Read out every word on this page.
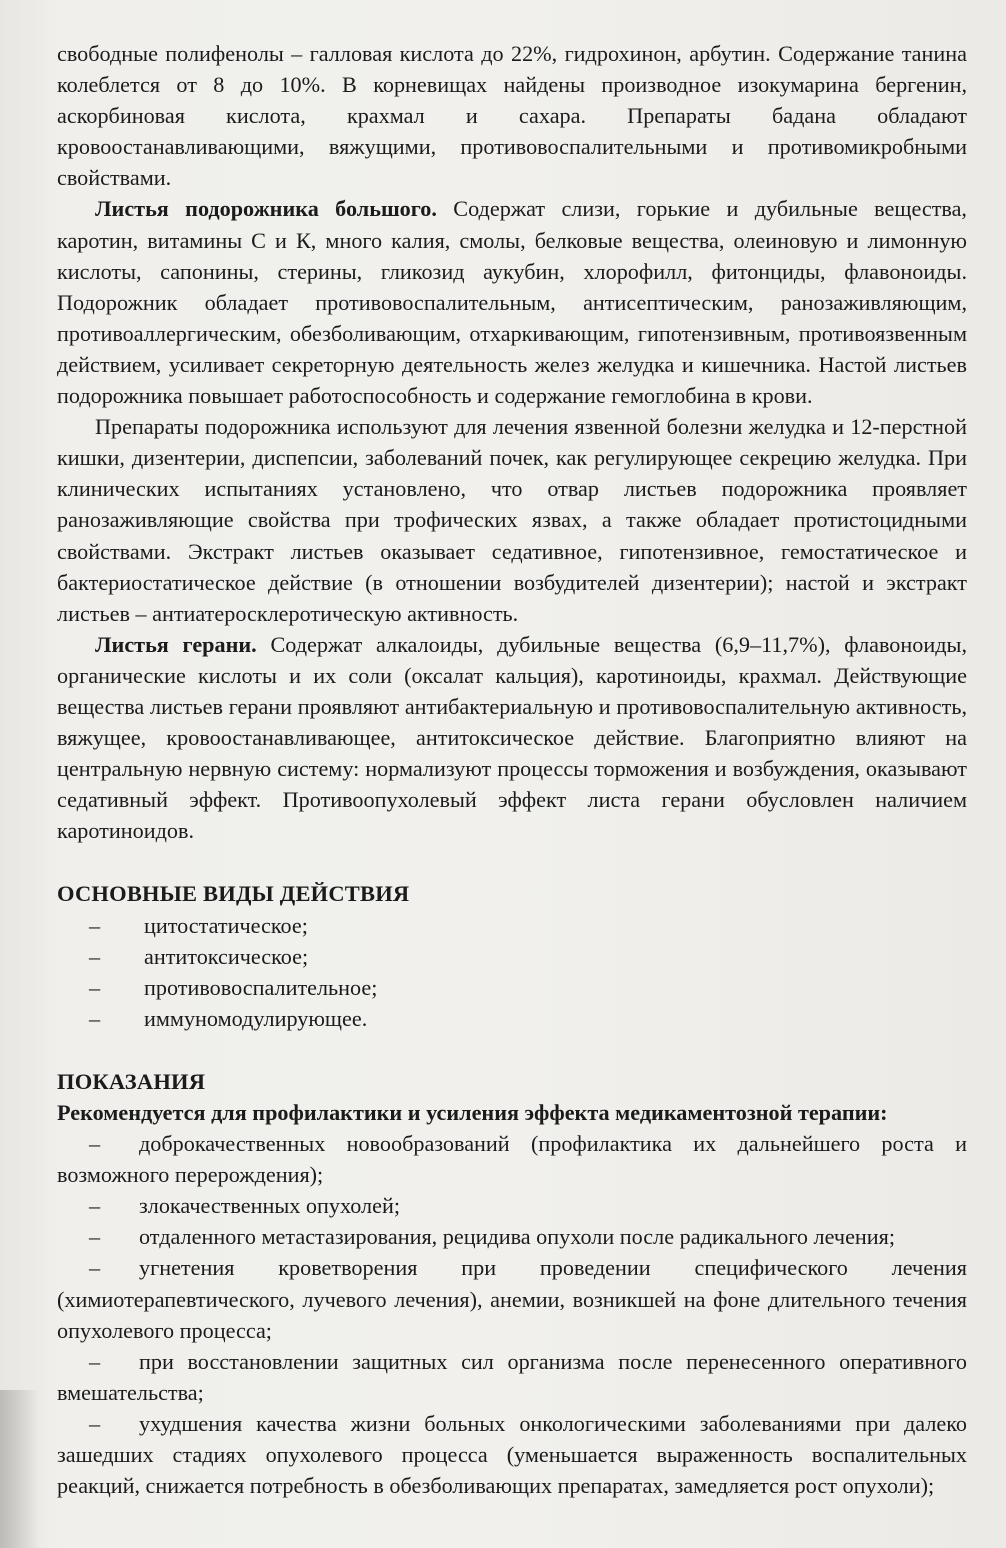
свободные полифенолы – галловая кислота до 22%, гидрохинон, арбутин. Содержание танина колеблется от 8 до 10%. В корневищах найдены производное изокумарина бергенин, аскорбиновая кислота, крахмал и сахара. Препараты бадана обладают кровоостанавливающими, вяжущими, противовоспалительными и противомикробными свойствами.

Листья подорожника большого. Содержат слизи, горькие и дубильные вещества, каротин, витамины С и К, много калия, смолы, белковые вещества, олеиновую и лимонную кислоты, сапонины, стерины, гликозид аукубин, хлорофилл, фитонциды, флавоноиды. Подорожник обладает противовоспалительным, антисептическим, ранозаживляющим, противоаллергическим, обезболивающим, отхаркивающим, гипотензивным, противоязвенным действием, усиливает секреторную деятельность желез желудка и кишечника. Настой листьев подорожника повышает работоспособность и содержание гемоглобина в крови.

Препараты подорожника используют для лечения язвенной болезни желудка и 12-перстной кишки, дизентерии, диспепсии, заболеваний почек, как регулирующее секрецию желудка. При клинических испытаниях установлено, что отвар листьев подорожника проявляет ранозаживляющие свойства при трофических язвах, а также обладает протистоцидными свойствами. Экстракт листьев оказывает седативное, гипотензивное, гемостатическое и бактериостатическое действие (в отношении возбудителей дизентерии); настой и экстракт листьев – антиатеросклеротическую активность.

Листья герани. Содержат алкалоиды, дубильные вещества (6,9–11,7%), флавоноиды, органические кислоты и их соли (оксалат кальция), каротиноиды, крахмал. Действующие вещества листьев герани проявляют антибактериальную и противовоспалительную активность, вяжущее, кровоостанавливающее, антитоксическое действие. Благоприятно влияют на центральную нервную систему: нормализуют процессы торможения и возбуждения, оказывают седативный эффект. Противоопухолевый эффект листа герани обусловлен наличием каротиноидов.

ОСНОВНЫЕ ВИДЫ ДЕЙСТВИЯ
– цитостатическое;
– антитоксическое;
– противовоспалительное;
– иммуномодулирующее.
ПОКАЗАНИЯ

Рекомендуется для профилактики и усиления эффекта медикаментозной терапии:

– доброкачественных новообразований (профилактика их дальнейшего роста и возможного перерождения);
– злокачественных опухолей;
– отдаленного метастазирования, рецидива опухоли после радикального лечения;
– угнетения кроветворения при проведении специфического лечения (химиотерапевтического, лучевого лечения), анемии, возникшей на фоне длительного течения опухолевого процесса;
– при восстановлении защитных сил организма после перенесенного оперативного вмешательства;
– ухудшения качества жизни больных онкологическими заболеваниями при далеко зашедших стадиях опухолевого процесса (уменьшается выраженность воспалительных реакций, снижается потребность в обезболивающих препаратах, замедляется рост опухоли);
